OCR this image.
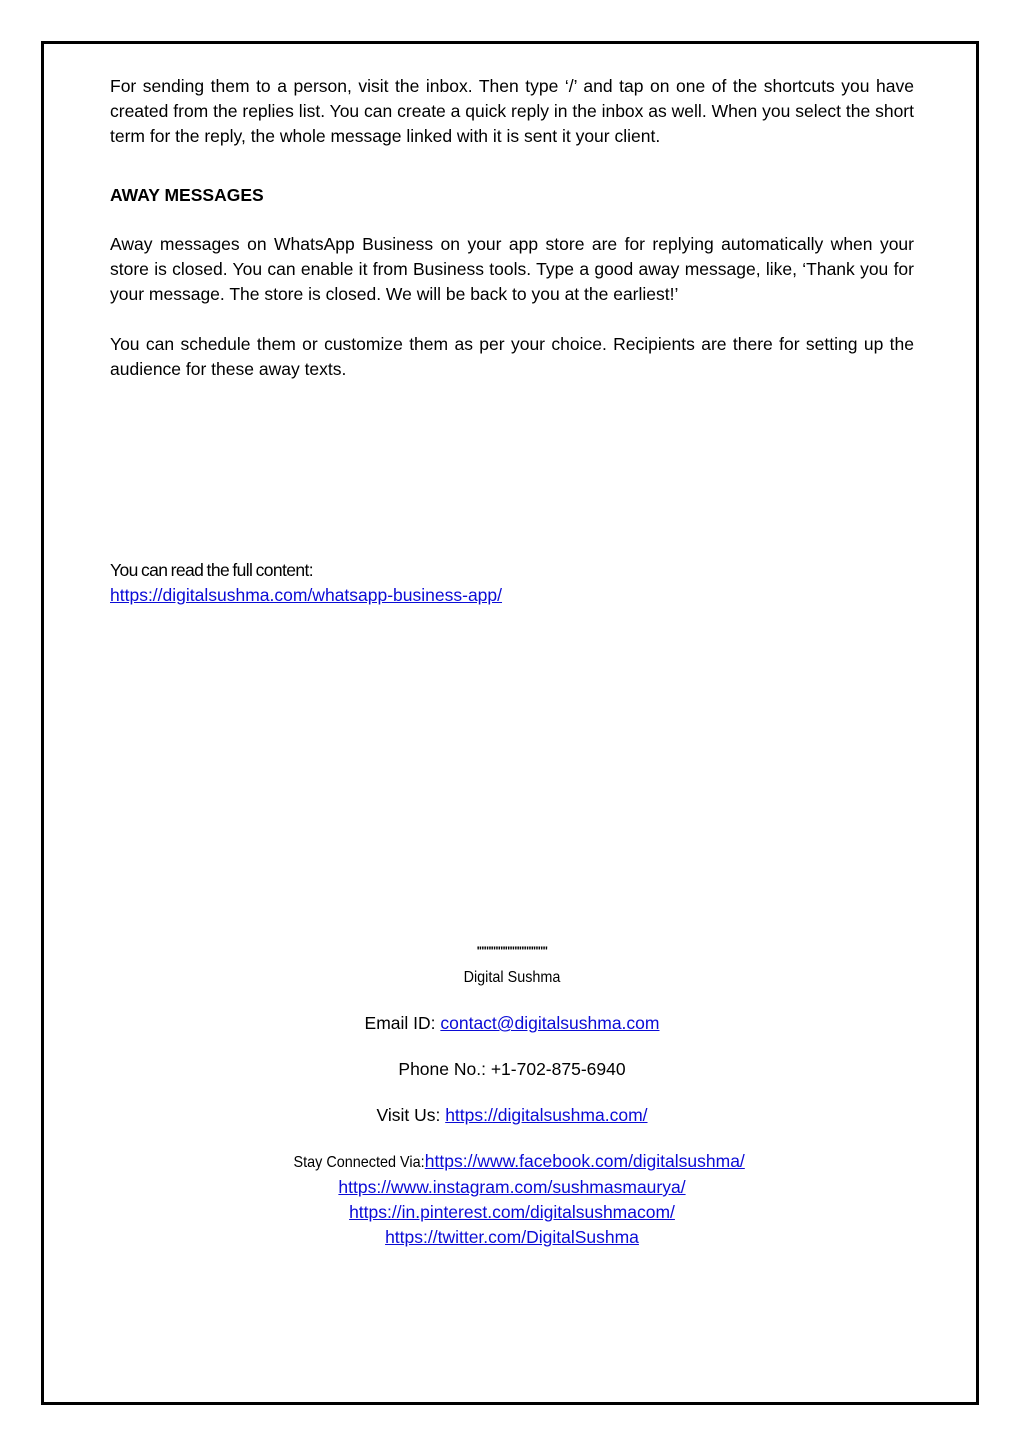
For sending them to a person, visit the inbox. Then type ‘/’ and tap on one of the shortcuts you have created from the replies list. You can create a quick reply in the inbox as well. When you select the short term for the reply, the whole message linked with it is sent it your client.

AWAY MESSAGES

Away messages on WhatsApp Business on your app store are for replying automatically when your store is closed. You can enable it from Business tools. Type a good away message, like, ‘Thank you for your message. The store is closed. We will be back to you at the earliest!’

You can schedule them or customize them as per your choice. Recipients are there for setting up the audience for these away texts.

You can read the full content:
https://digitalsushma.com/whatsapp-business-app/

''''''''''''''''''''''''''''''

Digital Sushma

Email ID: contact@digitalsushma.com

Phone No.: +1-702-875-6940

Visit Us: https://digitalsushma.com/

Stay Connected Via:https://www.facebook.com/digitalsushma/
https://www.instagram.com/sushmasmaurya/
https://in.pinterest.com/digitalsushmacom/
https://twitter.com/DigitalSushma
